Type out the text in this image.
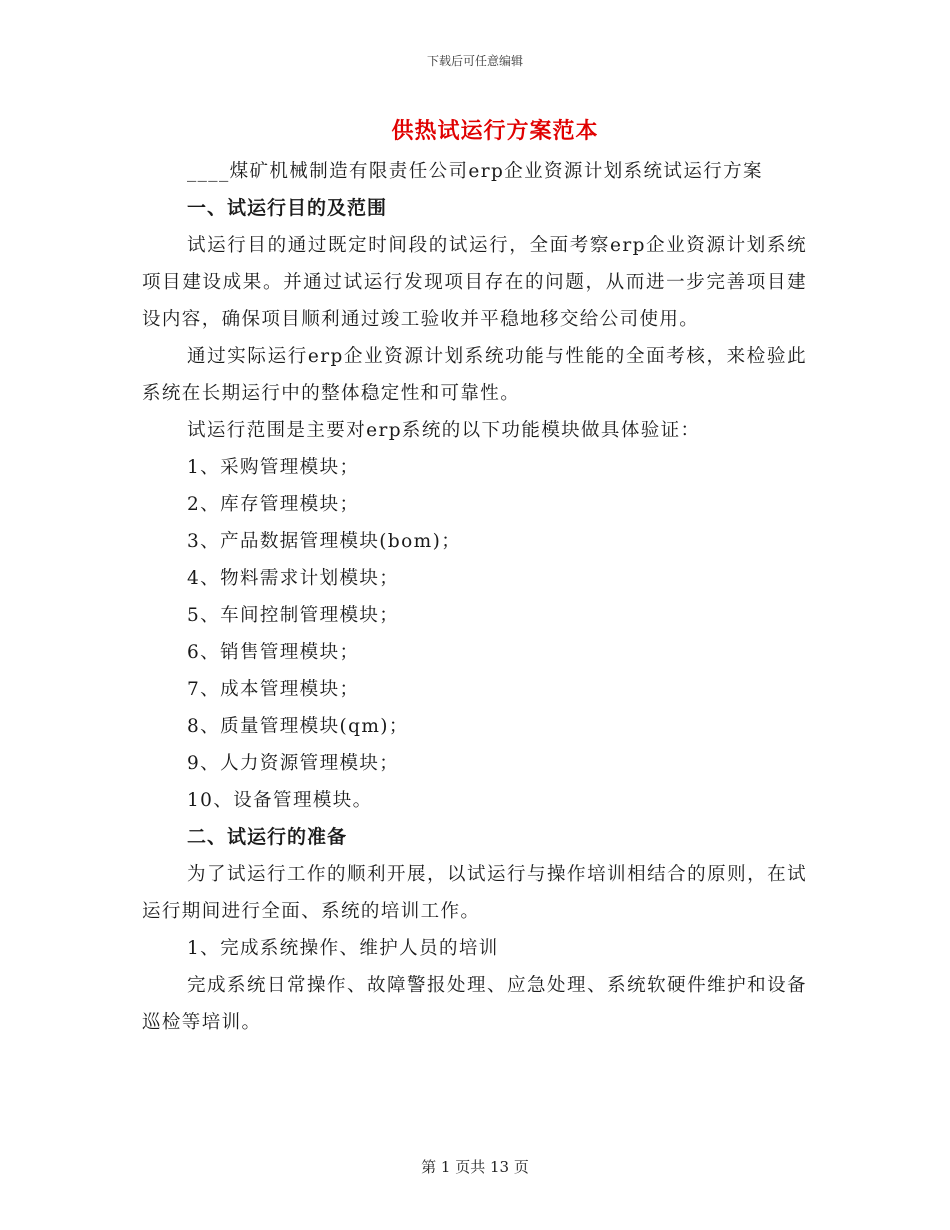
下载后可任意编辑
供热试运行方案范本

____煤矿机械制造有限责任公司erp企业资源计划系统试运行方案

一、试运行目的及范围

试运行目的通过既定时间段的试运行，全面考察erp企业资源计划系统项目建设成果。并通过试运行发现项目存在的问题，从而进一步完善项目建设内容，确保项目顺利通过竣工验收并平稳地移交给公司使用。

通过实际运行erp企业资源计划系统功能与性能的全面考核，来检验此系统在长期运行中的整体稳定性和可靠性。

试运行范围是主要对erp系统的以下功能模块做具体验证：

1、采购管理模块；

2、库存管理模块；

3、产品数据管理模块(bom)；

4、物料需求计划模块；

5、车间控制管理模块；

6、销售管理模块；

7、成本管理模块；

8、质量管理模块(qm)；

9、人力资源管理模块；

10、设备管理模块。

二、试运行的准备

为了试运行工作的顺利开展，以试运行与操作培训相结合的原则，在试运行期间进行全面、系统的培训工作。

1、完成系统操作、维护人员的培训

完成系统日常操作、故障警报处理、应急处理、系统软硬件维护和设备巡检等培训。

第 1 页共 13 页
